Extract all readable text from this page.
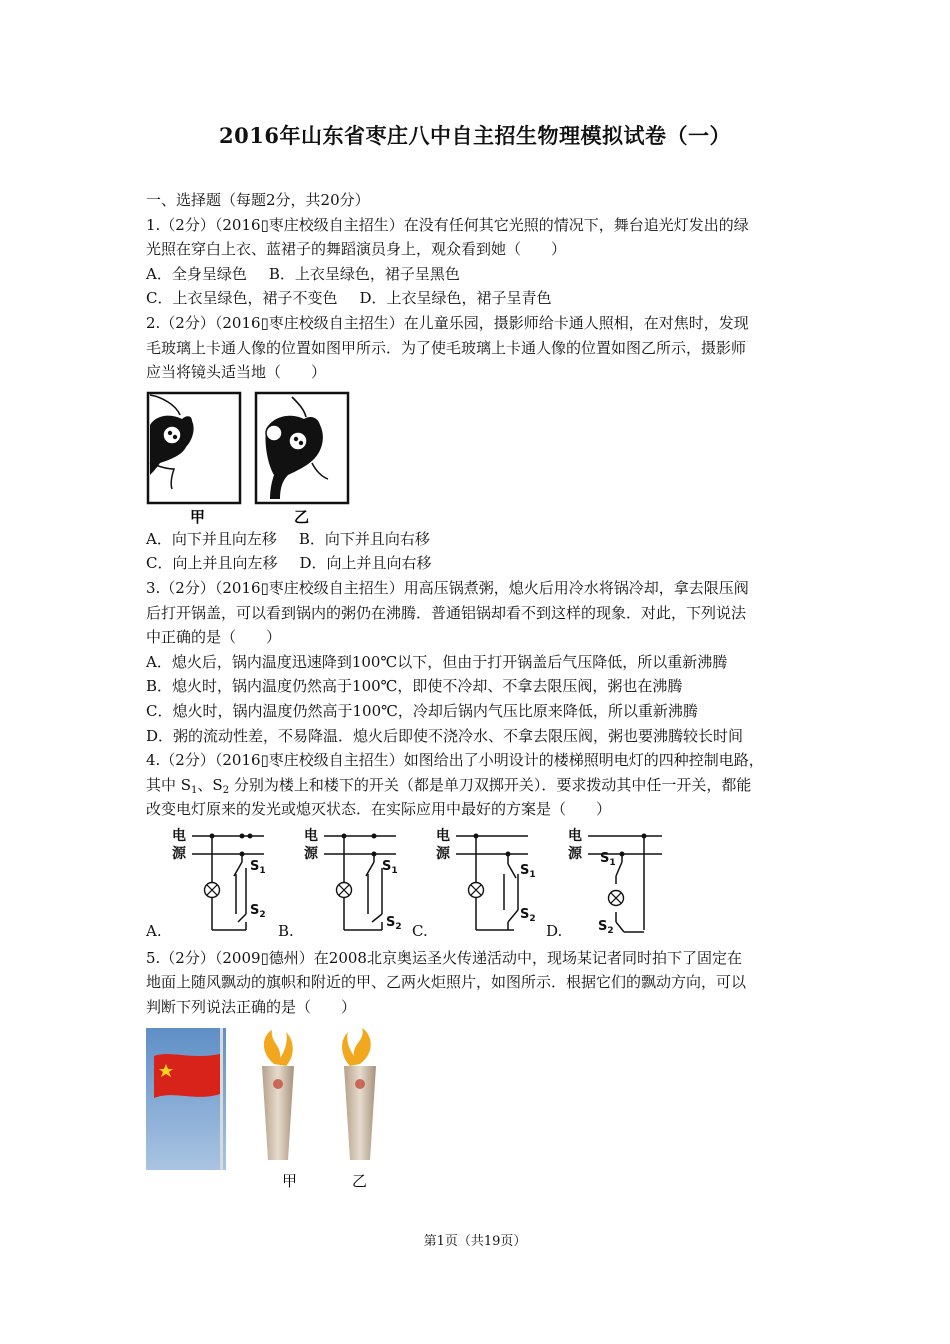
2016年山东省枣庄八中自主招生物理模拟试卷（一）
一、选择题（每题2分，共20分）
1.（2分）（2016▯枣庄校级自主招生）在没有任何其它光照的情况下，舞台追光灯发出的绿
光照在穿白上衣、蓝裙子的舞蹈演员身上，观众看到她（　　）
A．全身呈绿色 B．上衣呈绿色，裙子呈黑色
C．上衣呈绿色，裙子不变色 D．上衣呈绿色，裙子呈青色
2.（2分）（2016▯枣庄校级自主招生）在儿童乐园，摄影师给卡通人照相，在对焦时，发现
毛玻璃上卡通人像的位置如图甲所示．为了使毛玻璃上卡通人像的位置如图乙所示，摄影师
应当将镜头适当地（　　）
甲	乙
A．向下并且向左移 B．向下并且向右移
C．向上并且向左移 D．向上并且向右移
3.（2分）（2016▯枣庄校级自主招生）用高压锅煮粥，熄火后用冷水将锅冷却，拿去限压阀
后打开锅盖，可以看到锅内的粥仍在沸腾．普通铝锅却看不到这样的现象．对此，下列说法
中正确的是（　　）
A．熄火后，锅内温度迅速降到100℃以下，但由于打开锅盖后气压降低，所以重新沸腾
B．熄火时，锅内温度仍然高于100℃，即使不冷却、不拿去限压阀，粥也在沸腾
C．熄火时，锅内温度仍然高于100℃，冷却后锅内气压比原来降低，所以重新沸腾
D．粥的流动性差，不易降温．熄火后即使不浇冷水、不拿去限压阀，粥也要沸腾较长时间
4.（2分）（2016▯枣庄校级自主招生）如图给出了小明设计的楼梯照明电灯的四种控制电路，
其中 $S_1$、$S_2$ 分别为楼上和楼下的开关（都是单刀双掷开关）．要求拨动其中任一开关，都能
改变电灯原来的发光或熄灭状态．在实际应用中最好的方案是（　　）
电
源
电
源
电
源
电
源
$S_1$
$S_2$
$S_1$
$S_2$
$S_1$
$S_2$
$S_1$
$S_2$
A.	B.	C.	D.
5.（2分）（2009▯德州）在2008北京奥运圣火传递活动中，现场某记者同时拍下了固定在
地面上随风飘动的旗帜和附近的甲、乙两火炬照片，如图所示．根据它们的飘动方向，可以
判断下列说法正确的是（　　）
甲	乙
第1页（共19页）
